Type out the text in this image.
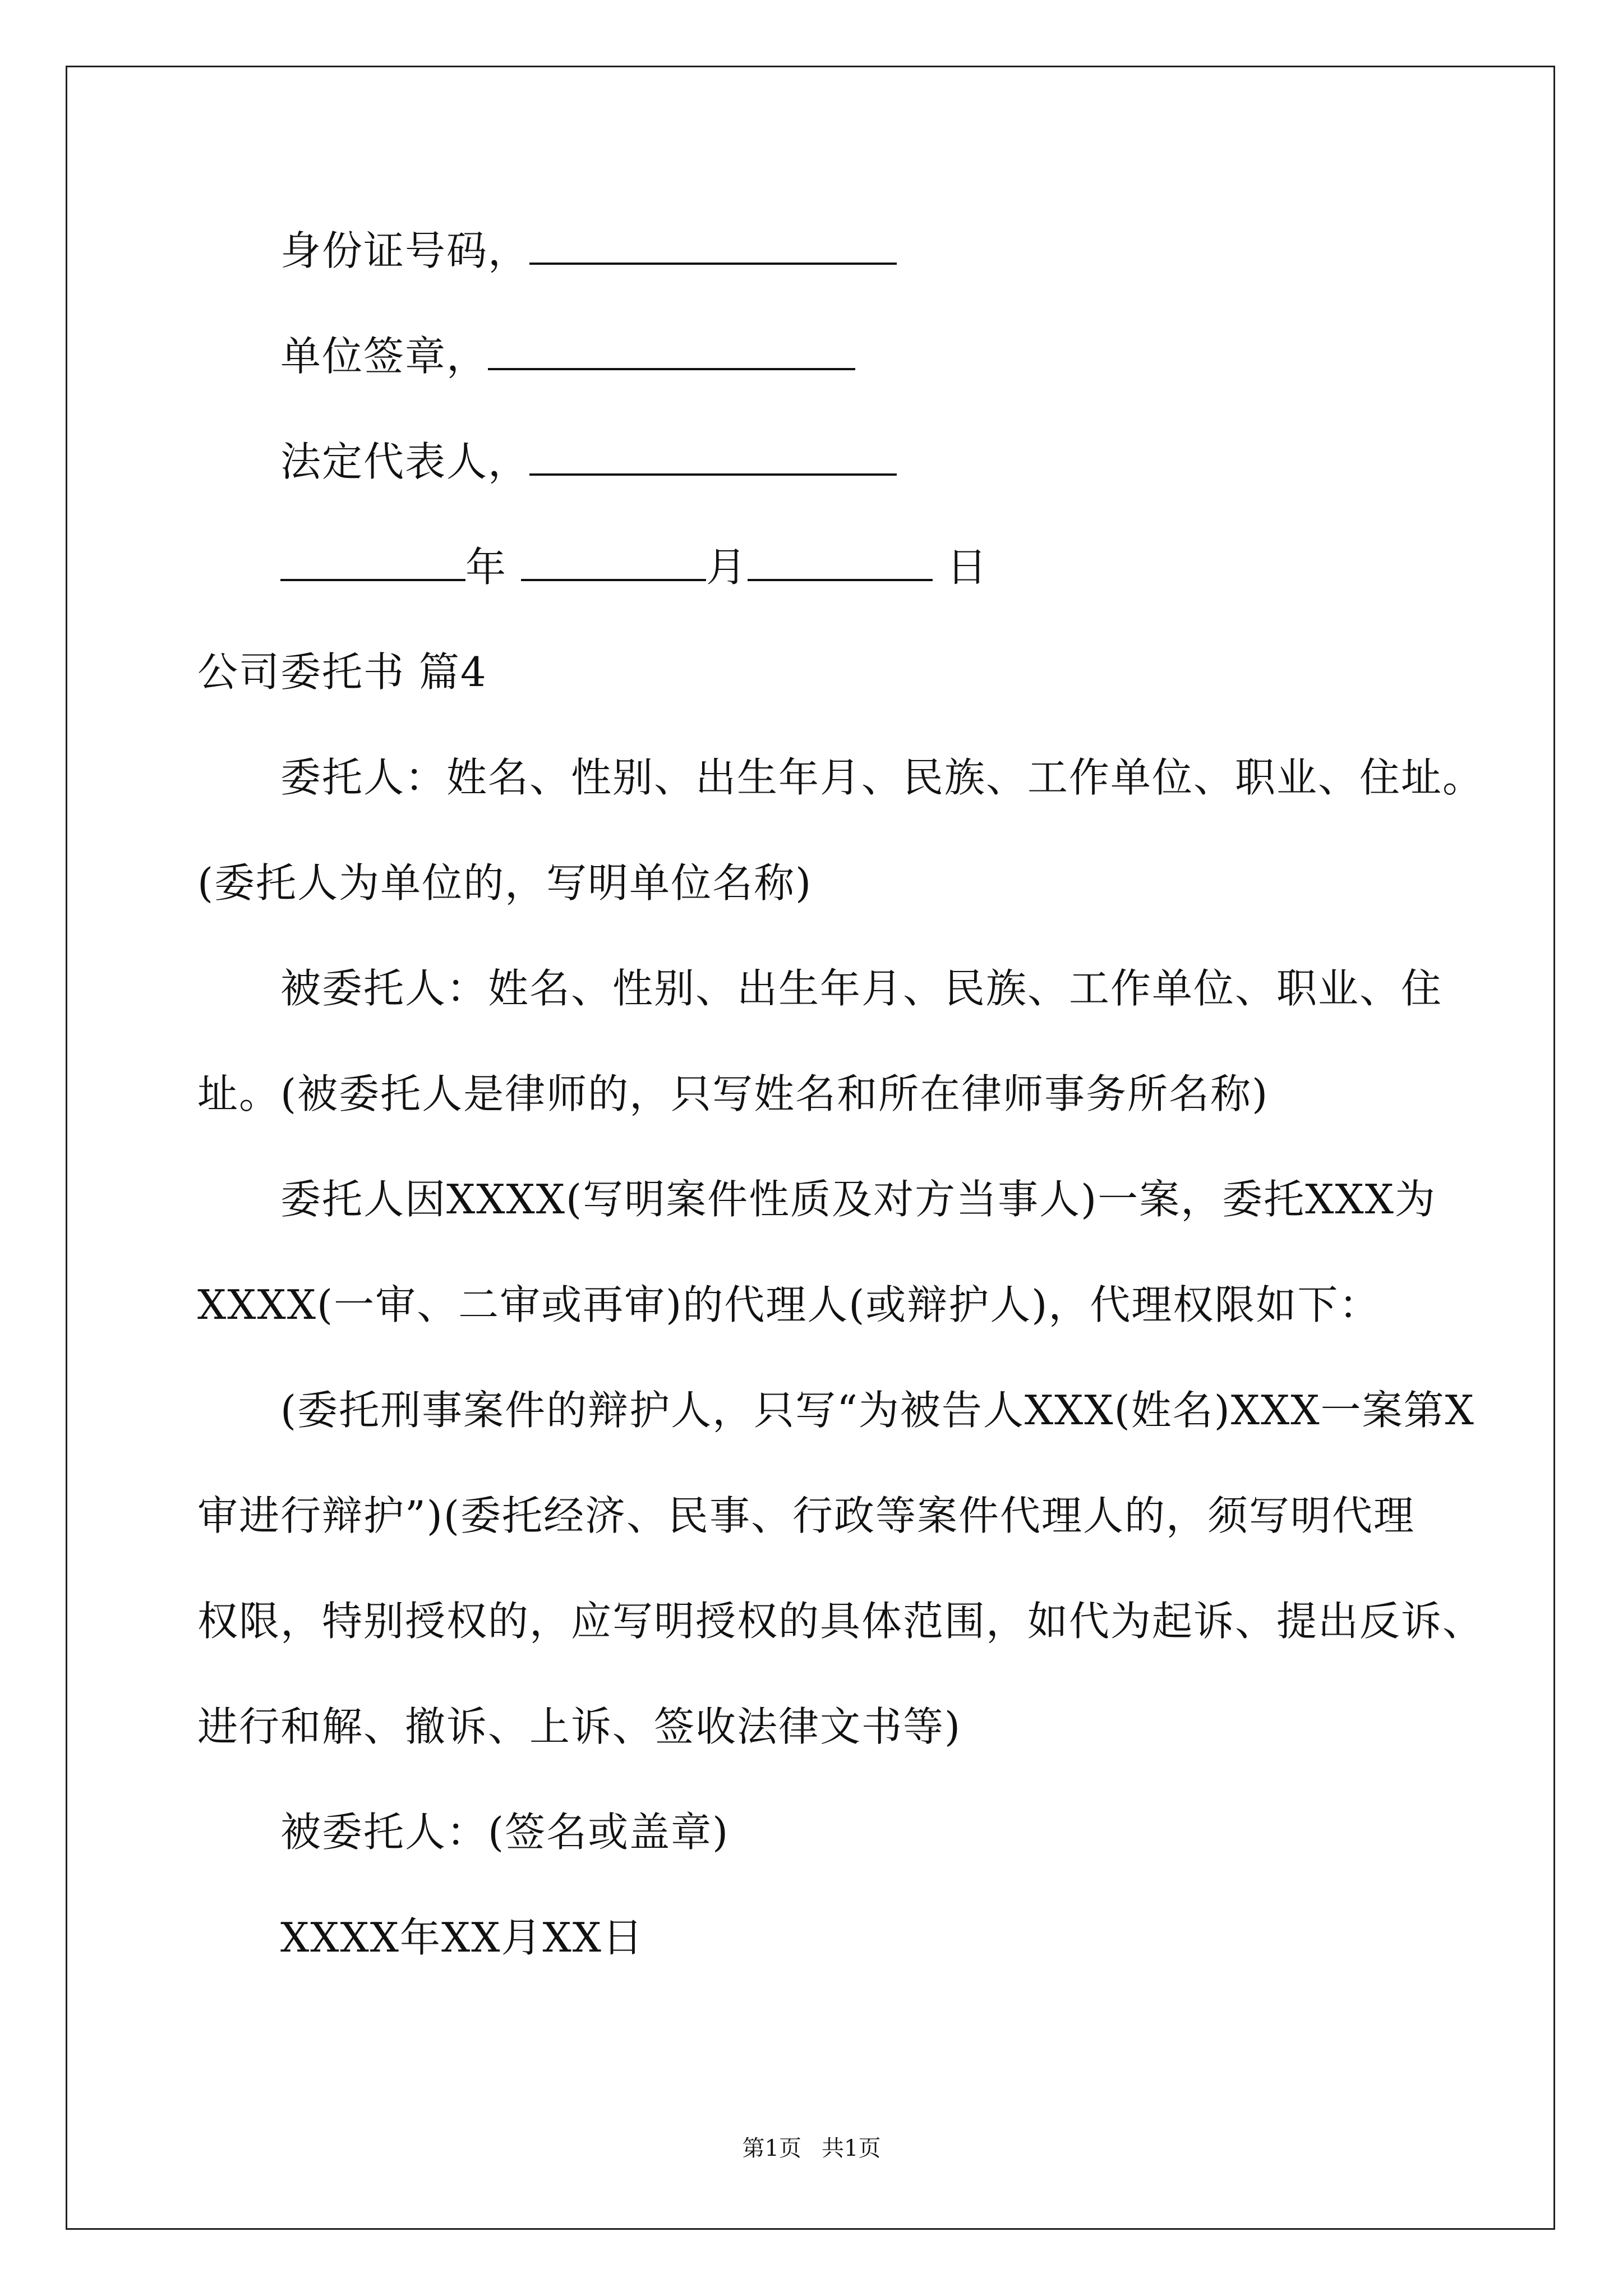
身份证号码，
单位签章，
法定代表人，
年	月	日
公司委托书 篇4
委托人：姓名、性别、出生年月、民族、工作单位、职业、住址。
(委托人为单位的，写明单位名称)
被委托人：姓名、性别、出生年月、民族、工作单位、职业、住
址。(被委托人是律师的，只写姓名和所在律师事务所名称)
委托人因XXXX(写明案件性质及对方当事人)一案，委托XXX为
XXXX(一审、二审或再审)的代理人(或辩护人)，代理权限如下：
(委托刑事案件的辩护人，只写“为被告人XXX(姓名)XXX一案第X
审进行辩护”)(委托经济、民事、行政等案件代理人的，须写明代理
权限，特别授权的，应写明授权的具体范围，如代为起诉、提出反诉、
进行和解、撤诉、上诉、签收法律文书等)
被委托人：(签名或盖章)
XXXX年XX月XX日
第1页 共1页
